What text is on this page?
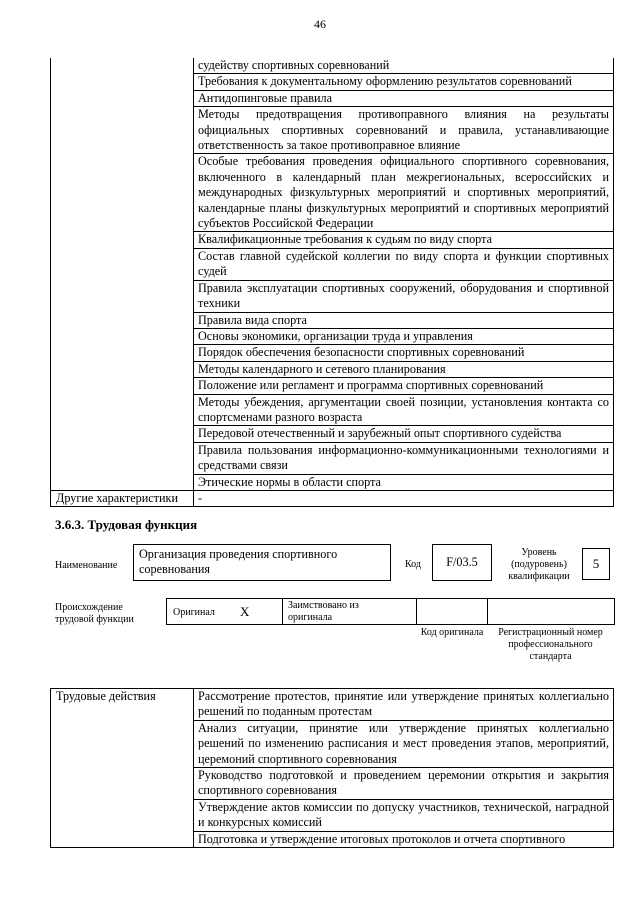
46
	судейству спортивных соревнований
	Требования к документальному оформлению результатов соревнований
	Антидопинговые правила
	Методы предотвращения противоправного влияния на результаты официальных спортивных соревнований и правила, устанавливающие ответственность за такое противоправное влияние
	Особые требования проведения официального спортивного соревнования, включенного в календарный план межрегиональных, всероссийских и международных физкультурных мероприятий и спортивных мероприятий, календарные планы физкультурных мероприятий и спортивных мероприятий субъектов Российской Федерации
	Квалификационные требования к судьям по виду спорта
	Состав главной судейской коллегии по виду спорта и функции спортивных судей
	Правила эксплуатации спортивных сооружений, оборудования и спортивной техники
	Правила вида спорта
	Основы экономики, организации труда и управления
	Порядок обеспечения безопасности спортивных соревнований
	Методы календарного и сетевого планирования
	Положение или регламент и программа спортивных соревнований
	Методы убеждения, аргументации своей позиции, установления контакта со спортсменами разного возраста
	Передовой отечественный и зарубежный опыт спортивного судейства
	Правила пользования информационно-коммуникационными технологиями и средствами связи
	Этические нормы в области спорта
Другие характеристики	-
3.6.3. Трудовая функция
Наименование
Организация проведения спортивного соревнования	Код	F/03.5
Уровень (подуровень) квалификации
5
Происхождение трудовой функции
Оригинал X	Заимствовано из оригинала
Код оригинала Регистрационный номер профессионального стандарта
Трудовые действия	Рассмотрение протестов, принятие или утверждение принятых коллегиально решений по поданным протестам
Анализ ситуации, принятие или утверждение принятых коллегиально решений по изменению расписания и мест проведения этапов, мероприятий, церемоний спортивного соревнования
Руководство подготовкой и проведением церемонии открытия и закрытия спортивного соревнования
Утверждение актов комиссии по допуску участников, технической, наградной и конкурсных комиссий
Подготовка и утверждение итоговых протоколов и отчета спортивного
